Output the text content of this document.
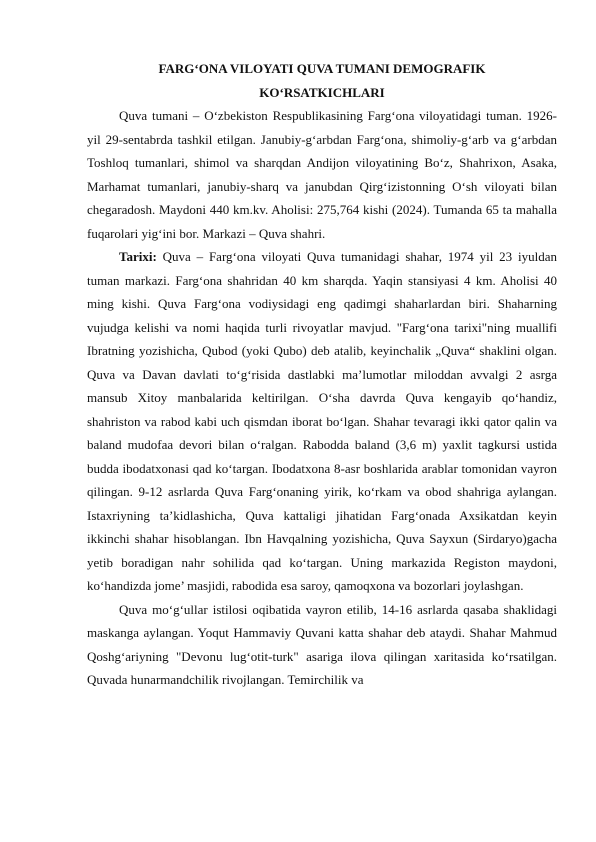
FARG‘ONA VILOYATI QUVA TUMANI DEMOGRAFIK
KO‘RSATKICHLARI

Quva tumani – O‘zbekiston Respublikasining Farg‘ona viloyatidagi tuman. 1926-yil 29-sentabrda tashkil etilgan. Janubiy-g‘arbdan Farg‘ona, shimoliy-g‘arb va g‘arbdan Toshloq tumanlari, shimol va sharqdan Andijon viloyatining Bo‘z, Shahrixon, Asaka, Marhamat tumanlari, janubiy-sharq va janubdan Qirg‘izistonning O‘sh viloyati bilan chegaradosh. Maydoni 440 km.kv. Aholisi: 275,764 kishi (2024). Tumanda 65 ta mahalla fuqarolari yig‘ini bor. Markazi – Quva shahri.

Tarixi: Quva – Farg‘ona viloyati Quva tumanidagi shahar, 1974 yil 23 iyuldan tuman markazi. Farg‘ona shahridan 40 km sharqda. Yaqin stansiyasi 4 km. Aholisi 40 ming kishi. Quva Farg‘ona vodiysidagi eng qadimgi shaharlardan biri. Shaharning vujudga kelishi va nomi haqida turli rivoyatlar mavjud. "Farg‘ona tarixi"ning muallifi Ibratning yozishicha, Qubod (yoki Qubo) deb atalib, keyinchalik „Quva“ shaklini olgan. Quva va Davan davlati to‘g‘risida dastlabki ma’lumotlar miloddan avvalgi 2 asrga mansub Xitoy manbalarida keltirilgan. O‘sha davrda Quva kengayib qo‘handiz, shahriston va rabod kabi uch qismdan iborat bo‘lgan. Shahar tevaragi ikki qator qalin va baland mudofaa devori bilan o‘ralgan. Rabodda baland (3,6 m) yaxlit tagkursi ustida budda ibodatxonasi qad ko‘targan. Ibodatxona 8-asr boshlarida arablar tomonidan vayron qilingan. 9-12 asrlarda Quva Farg‘onaning yirik, ko‘rkam va obod shahriga aylangan. Istaxriyning ta’kidlashicha, Quva kattaligi jihatidan Farg‘onada Axsikatdan keyin ikkinchi shahar hisoblangan. Ibn Havqalning yozishicha, Quva Sayxun (Sirdaryo)gacha yetib boradigan nahr sohilida qad ko‘targan. Uning markazida Registon maydoni, ko‘handizda jome’ masjidi, rabodida esa saroy, qamoqxona va bozorlari joylashgan.

Quva mo‘g‘ullar istilosi oqibatida vayron etilib, 14-16 asrlarda qasaba shaklidagi maskanga aylangan. Yoqut Hammaviy Quvani katta shahar deb ataydi. Shahar Mahmud Qoshg‘ariyning "Devonu lug‘otit-turk" asariga ilova qilingan xaritasida ko‘rsatilgan. Quvada hunarmandchilik rivojlangan. Temirchilik va
